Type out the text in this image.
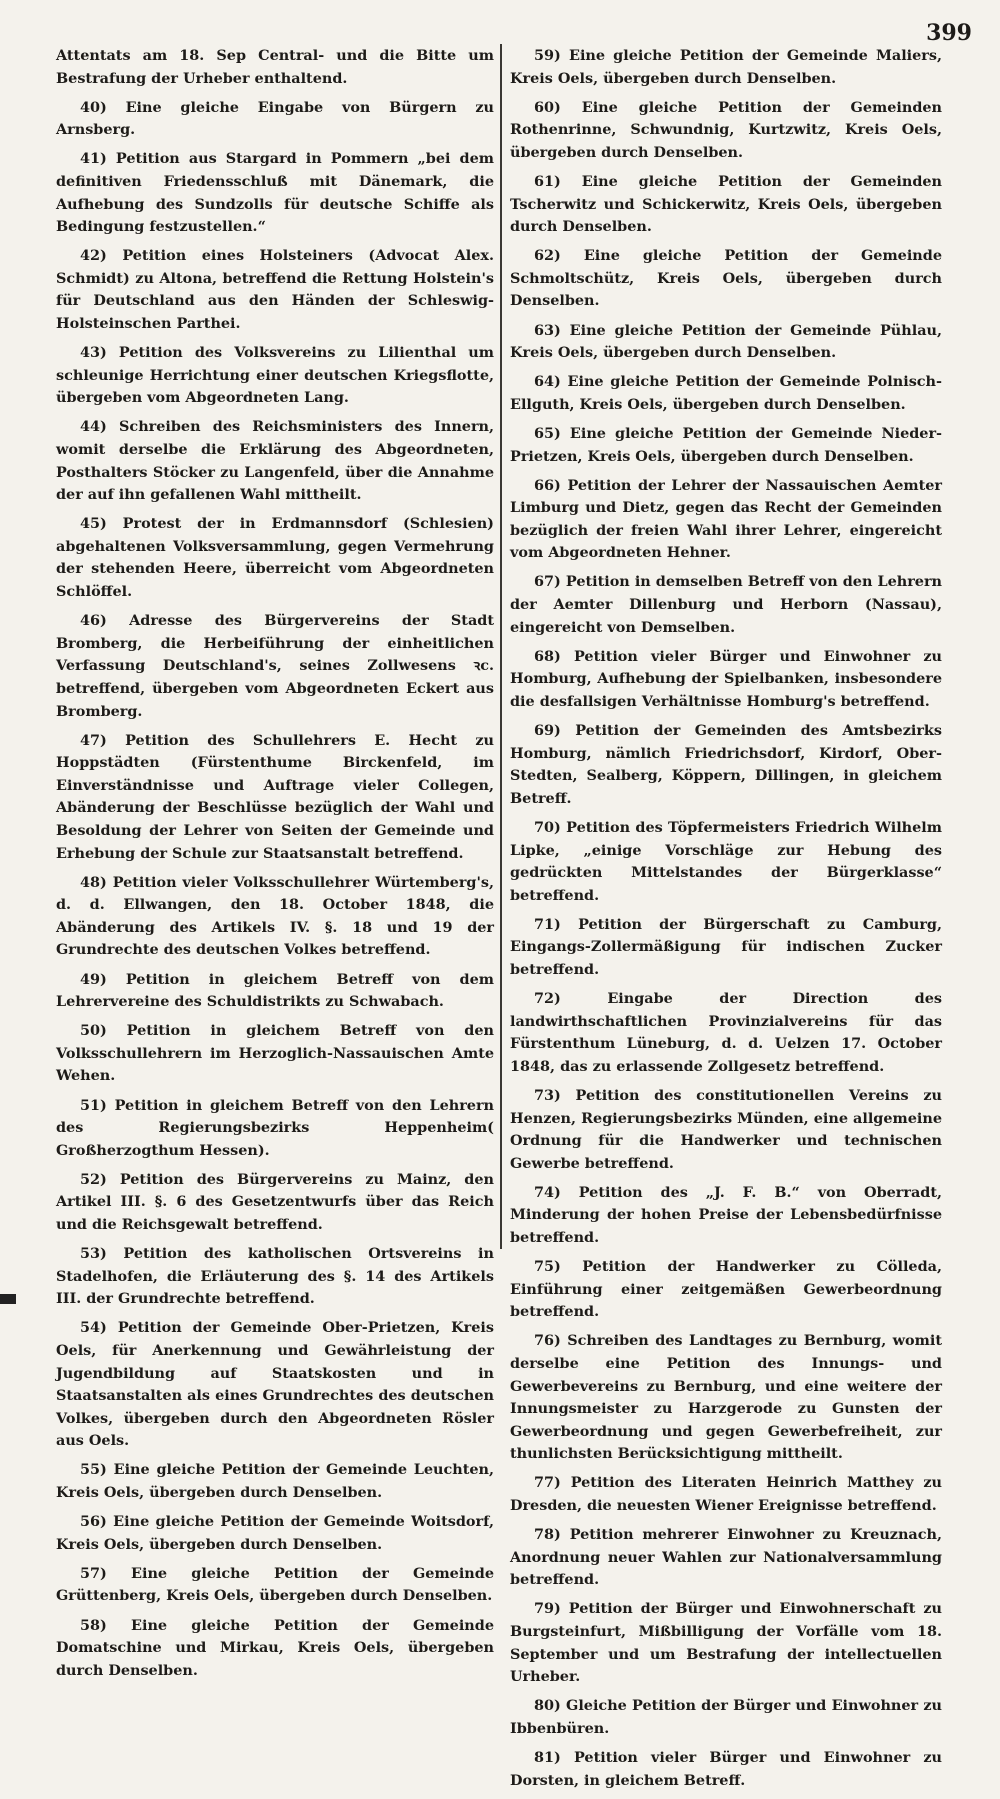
399

Attentats am 18. Sep Central- und die Bitte um Bestrafung der Urheber enthaltend.

40) Eine gleiche Eingabe von Bürgern zu Arnsberg.

41) Petition aus Stargard in Pommern „bei dem definitiven Friedensschluß mit Dänemark, die Aufhebung des Sundzolls für deutsche Schiffe als Bedingung festzustellen.“

42) Petition eines Holsteiners (Advocat Alex. Schmidt) zu Altona, betreffend die Rettung Holstein's für Deutschland aus den Händen der Schleswig-Holsteinschen Parthei.

43) Petition des Volksvereins zu Lilienthal um schleunige Herrichtung einer deutschen Kriegsflotte, übergeben vom Abgeordneten Lang.

44) Schreiben des Reichsministers des Innern, womit derselbe die Erklärung des Abgeordneten, Posthalters Stöcker zu Langenfeld, über die Annahme der auf ihn gefallenen Wahl mittheilt.

45) Protest der in Erdmannsdorf (Schlesien) abgehaltenen Volksversammlung, gegen Vermehrung der stehenden Heere, überreicht vom Abgeordneten Schlöffel.

46) Adresse des Bürgervereins der Stadt Bromberg, die Herbeiführung der einheitlichen Verfassung Deutschland's, seines Zollwesens ꝛc. betreffend, übergeben vom Abgeordneten Eckert aus Bromberg.

47) Petition des Schullehrers E. Hecht zu Hoppstädten (Fürstenthume Birckenfeld, im Einverständnisse und Auftrage vieler Collegen, Abänderung der Beschlüsse bezüglich der Wahl und Besoldung der Lehrer von Seiten der Gemeinde und Erhebung der Schule zur Staatsanstalt betreffend.

48) Petition vieler Volksschullehrer Würtemberg's, d. d. Ellwangen, den 18. October 1848, die Abänderung des Artikels IV. §. 18 und 19 der Grundrechte des deutschen Volkes betreffend.

49) Petition in gleichem Betreff von dem Lehrervereine des Schuldistrikts zu Schwabach.

50) Petition in gleichem Betreff von den Volksschullehrern im Herzoglich-Nassauischen Amte Wehen.

51) Petition in gleichem Betreff von den Lehrern des Regierungsbezirks Heppenheim( Großherzogthum Hessen).

52) Petition des Bürgervereins zu Mainz, den Artikel III. §. 6 des Gesetzentwurfs über das Reich und die Reichsgewalt betreffend.

53) Petition des katholischen Ortsvereins in Stadelhofen, die Erläuterung des §. 14 des Artikels III. der Grundrechte betreffend.

54) Petition der Gemeinde Ober-Prietzen, Kreis Oels, für Anerkennung und Gewährleistung der Jugendbildung auf Staatskosten und in Staatsanstalten als eines Grundrechtes des deutschen Volkes, übergeben durch den Abgeordneten Rösler aus Oels.

55) Eine gleiche Petition der Gemeinde Leuchten, Kreis Oels, übergeben durch Denselben.

56) Eine gleiche Petition der Gemeinde Woitsdorf, Kreis Oels, übergeben durch Denselben.

57) Eine gleiche Petition der Gemeinde Grüttenberg, Kreis Oels, übergeben durch Denselben.

58) Eine gleiche Petition der Gemeinde Domatschine und Mirkau, Kreis Oels, übergeben durch Denselben.

59) Eine gleiche Petition der Gemeinde Maliers, Kreis Oels, übergeben durch Denselben.

60) Eine gleiche Petition der Gemeinden Rothenrinne, Schwundnig, Kurtzwitz, Kreis Oels, übergeben durch Denselben.

61) Eine gleiche Petition der Gemeinden Tscherwitz und Schickerwitz, Kreis Oels, übergeben durch Denselben.

62) Eine gleiche Petition der Gemeinde Schmoltschütz, Kreis Oels, übergeben durch Denselben.

63) Eine gleiche Petition der Gemeinde Pühlau, Kreis Oels, übergeben durch Denselben.

64) Eine gleiche Petition der Gemeinde Polnisch-Ellguth, Kreis Oels, übergeben durch Denselben.

65) Eine gleiche Petition der Gemeinde Nieder-Prietzen, Kreis Oels, übergeben durch Denselben.

66) Petition der Lehrer der Nassauischen Aemter Limburg und Dietz, gegen das Recht der Gemeinden bezüglich der freien Wahl ihrer Lehrer, eingereicht vom Abgeordneten Hehner.

67) Petition in demselben Betreff von den Lehrern der Aemter Dillenburg und Herborn (Nassau), eingereicht von Demselben.

68) Petition vieler Bürger und Einwohner zu Homburg, Aufhebung der Spielbanken, insbesondere die desfallsigen Verhältnisse Homburg's betreffend.

69) Petition der Gemeinden des Amtsbezirks Homburg, nämlich Friedrichsdorf, Kirdorf, Ober-Stedten, Sealberg, Köppern, Dillingen, in gleichem Betreff.

70) Petition des Töpfermeisters Friedrich Wilhelm Lipke, „einige Vorschläge zur Hebung des gedrückten Mittelstandes der Bürgerklasse“ betreffend.

71) Petition der Bürgerschaft zu Camburg, Eingangs-Zollermäßigung für indischen Zucker betreffend.

72) Eingabe der Direction des landwirthschaftlichen Provinzialvereins für das Fürstenthum Lüneburg, d. d. Uelzen 17. October 1848, das zu erlassende Zollgesetz betreffend.

73) Petition des constitutionellen Vereins zu Henzen, Regierungsbezirks Münden, eine allgemeine Ordnung für die Handwerker und technischen Gewerbe betreffend.

74) Petition des „J. F. B.“ von Oberradt, Minderung der hohen Preise der Lebensbedürfnisse betreffend.

75) Petition der Handwerker zu Cölleda, Einführung einer zeitgemäßen Gewerbeordnung betreffend.

76) Schreiben des Landtages zu Bernburg, womit derselbe eine Petition des Innungs- und Gewerbevereins zu Bernburg, und eine weitere der Innungsmeister zu Harzgerode zu Gunsten der Gewerbeordnung und gegen Gewerbefreiheit, zur thunlichsten Berücksichtigung mittheilt.

77) Petition des Literaten Heinrich Matthey zu Dresden, die neuesten Wiener Ereignisse betreffend.

78) Petition mehrerer Einwohner zu Kreuznach, Anordnung neuer Wahlen zur Nationalversammlung betreffend.

79) Petition der Bürger und Einwohnerschaft zu Burgsteinfurt, Mißbilligung der Vorfälle vom 18. September und um Bestrafung der intellectuellen Urheber.

80) Gleiche Petition der Bürger und Einwohner zu Ibbenbüren.

81) Petition vieler Bürger und Einwohner zu Dorsten, in gleichem Betreff.
